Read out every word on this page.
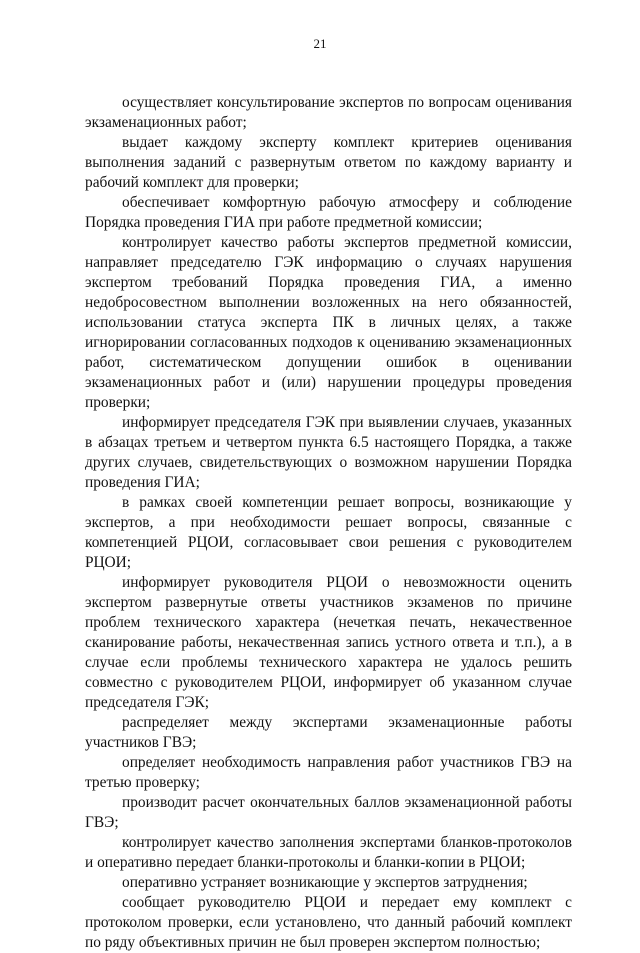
21

осуществляет консультирование экспертов по вопросам оценивания экзаменационных работ;

выдает каждому эксперту комплект критериев оценивания выполнения заданий с развернутым ответом по каждому варианту и рабочий комплект для проверки;

обеспечивает комфортную рабочую атмосферу и соблюдение Порядка проведения ГИА при работе предметной комиссии;

контролирует качество работы экспертов предметной комиссии, направляет председателю ГЭК информацию о случаях нарушения экспертом требований Порядка проведения ГИА, а именно недобросовестном выполнении возложенных на него обязанностей, использовании статуса эксперта ПК в личных целях, а также игнорировании согласованных подходов к оцениванию экзаменационных работ, систематическом допущении ошибок в оценивании экзаменационных работ и (или) нарушении процедуры проведения проверки;

информирует председателя ГЭК при выявлении случаев, указанных в абзацах третьем и четвертом пункта 6.5 настоящего Порядка, а также других случаев, свидетельствующих о возможном нарушении Порядка проведения ГИА;

в рамках своей компетенции решает вопросы, возникающие у экспертов, а при необходимости решает вопросы, связанные с компетенцией РЦОИ, согласовывает свои решения с руководителем РЦОИ;

информирует руководителя РЦОИ о невозможности оценить экспертом развернутые ответы участников экзаменов по причине проблем технического характера (нечеткая печать, некачественное сканирование работы, некачественная запись устного ответа и т.п.), а в случае если проблемы технического характера не удалось решить совместно с руководителем РЦОИ, информирует об указанном случае председателя ГЭК;

распределяет между экспертами экзаменационные работы участников ГВЭ;

определяет необходимость направления работ участников ГВЭ на третью проверку;

производит расчет окончательных баллов экзаменационной работы ГВЭ;

контролирует качество заполнения экспертами бланков-протоколов и оперативно передает бланки-протоколы и бланки-копии в РЦОИ;

оперативно устраняет возникающие у экспертов затруднения;

сообщает руководителю РЦОИ и передает ему комплект с протоколом проверки, если установлено, что данный рабочий комплект по ряду объективных причин не был проверен экспертом полностью;
